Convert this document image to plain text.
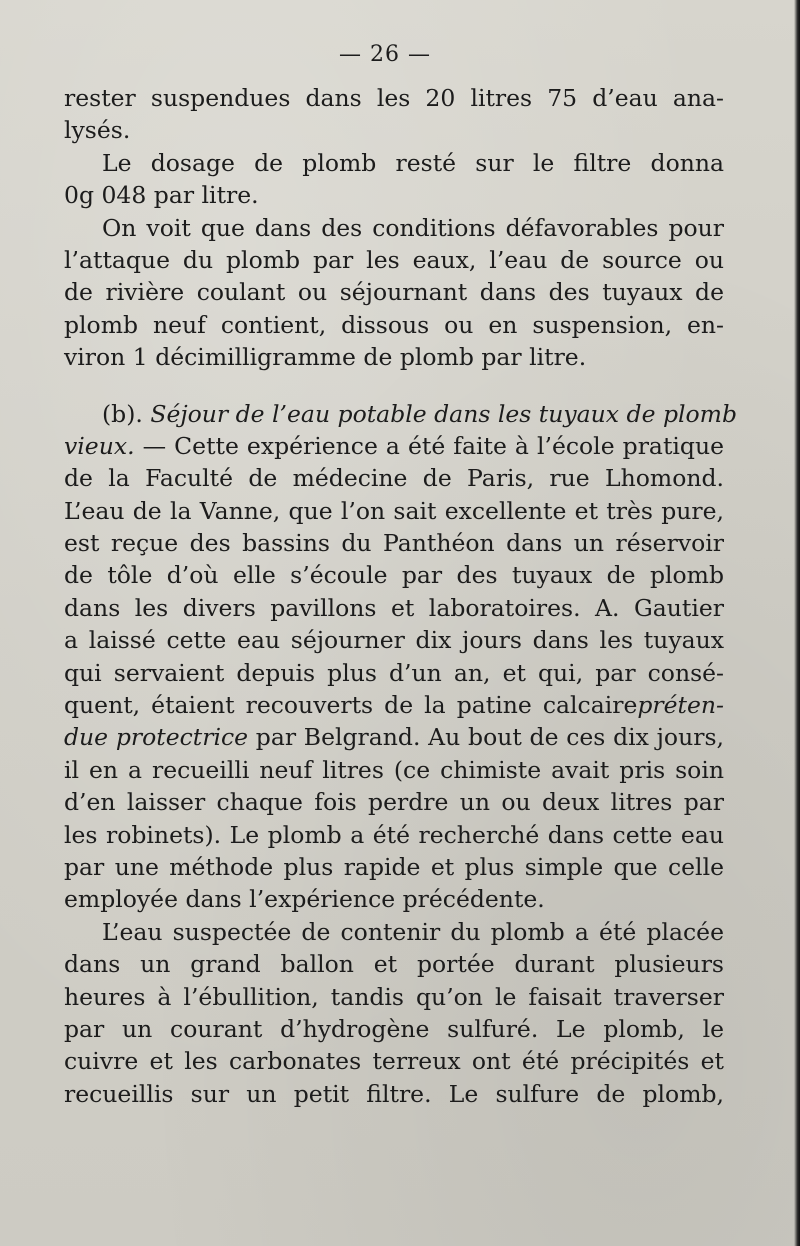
— 26 —
rester suspendues dans les 20 litres 75 d’eau ana-
lysés.
Le dosage de plomb resté sur le filtre donna
0g 048 par litre.
On voit que dans des conditions défavorables pour
l’attaque du plomb par les eaux, l’eau de source ou
de rivière coulant ou séjournant dans des tuyaux de
plomb neuf contient, dissous ou en suspension, en-
viron 1 décimilligramme de plomb par litre.
(b). Séjour de l’eau potable dans les tuyaux de plomb
vieux. — Cette expérience a été faite à l’école pratique
de la Faculté de médecine de Paris, rue Lhomond.
L’eau de la Vanne, que l’on sait excellente et très pure,
est reçue des bassins du Panthéon dans un réservoir
de tôle d’où elle s’écoule par des tuyaux de plomb
dans les divers pavillons et laboratoires. A. Gautier
a laissé cette eau séjourner dix jours dans les tuyaux
qui servaient depuis plus d’un an, et qui, par consé-
quent, étaient recouverts de la patine calcairepréten-
due protectrice par Belgrand. Au bout de ces dix jours,
il en a recueilli neuf litres (ce chimiste avait pris soin
d’en laisser chaque fois perdre un ou deux litres par
les robinets). Le plomb a été recherché dans cette eau
par une méthode plus rapide et plus simple que celle
employée dans l’expérience précédente.
L’eau suspectée de contenir du plomb a été placée
dans un grand ballon et portée durant plusieurs
heures à l’ébullition, tandis qu’on le faisait traverser
par un courant d’hydrogène sulfuré. Le plomb, le
cuivre et les carbonates terreux ont été précipités et
recueillis sur un petit filtre. Le sulfure de plomb,
